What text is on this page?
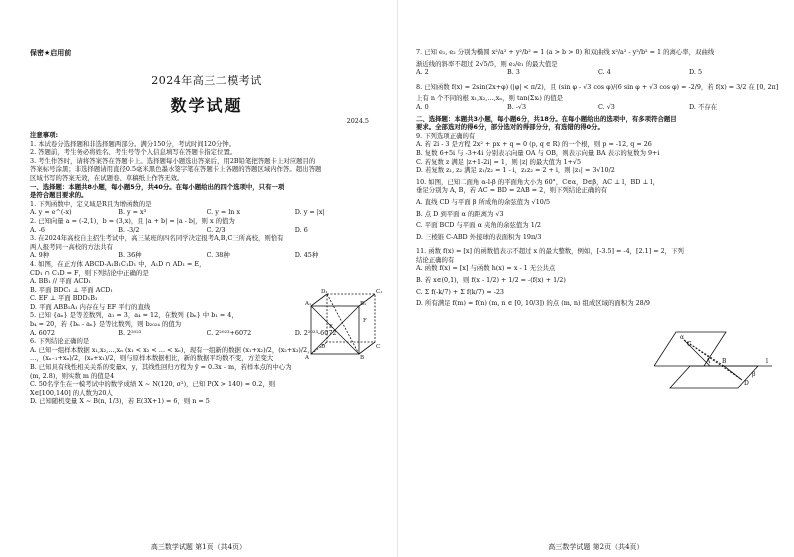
保密★启用前
2024年高三二模考试
数学试题
2024.5
注意事项:
1. 本试卷分选择题和非选择题两部分。满分150分，考试时间120分钟。
2. 答题前，考生务必将姓名、考生号等个人信息填写在答题卡指定位置。
3. 考生作答时，请将答案答在答题卡上。选择题每小题选出答案后，用2B铅笔把答题卡上对应题目的
答案标号涂黑；非选择题请用直径0.5毫米黑色墨水签字笔在答题卡上各题的答题区域内作答。超出答题
区域书写的答案无效，在试题卷、草稿纸上作答无效。
一、选择题：本题共8小题，每小题5分，共40分。在每小题给出的四个选项中，只有一项
是符合题目要求的。
1. 下列函数中，定义域是R且为增函数的是
A. y = e^(-x)	B. y = x³	C. y = ln x	D. y = |x|
2. 已知向量 a = (-2,1)，b = (3,x)，且 |a + b| = |a - b|，则 x 的值为
A. -6	B. -3/2	C. 2/3	D. 6
3. 在2024年高校自主招生考试中，高三某班的四名同学决定报考A,B,C三所高校，则恰有
两人报考同一高校的方法共有
A. 9种	B. 36种	C. 38种	D. 45种
4. 如图，在正方体 ABCD-A₁B₁C₁D₁ 中，A₁D ∩ AD₁ = E，
CD₁ ∩ C₁D = F，则下列结论中正确的是
A. BB₁ // 平面 ACD₁
B. 平面 BDC₁ ⊥ 平面 ACD₁
C. EF ⊥ 平面 BDD₁B₁
D. 平面 ABB₁A₁ 内存在与 EF 平行的直线
5. 已知 {aₙ} 是等差数列，a₁ = 3，a₄ = 12，在数列 {bₙ} 中 b₁ = 4，
b₄ = 20，若 {bₙ - aₙ} 是等比数列，则 b₂₀₂₄ 的值为
A. 6072	B. 2²⁰²³	C. 2²⁰²³+6072	D. 2²⁰²³-6072
6. 下列结论正确的是
A. 已知一组样本数据 x₁,x₂,…,xₙ (x₁ < x₂ < … < xₙ)，现有一组新的数据 (x₁+x₂)/2，(x₂+x₃)/2，
…，(xₙ₋₁+xₙ)/2，(xₙ+x₁)/2，则与原样本数据相比，新的数据平均数不变，方差变大
B. 已知具有线性相关关系的变量x，y，其线性回归方程为 ŷ = 0.3x - m，若样本点的中心为
(m, 2.8)，则实数 m 的值是4
C. 50名学生在一模考试中的数学成绩 X ~ N(120, σ²)，已知 P(X > 140) = 0.2，则
X∈[100,140] 的人数为20人
D. 已知随机变量 X ~ B(n, 1/3)，若 E(3X+1) = 6，则 n = 5
D₁	C₁
A₁	B₁
E
F
D	C
A	B
高三数学试题 第1页（共4页）
7. 已知 e₁, e₂ 分别为椭圆 x²/a² + y²/b² = 1 (a > b > 0) 和双曲线 x²/a² - y²/b² = 1 的离心率，双曲线
渐近线的斜率不超过 2√5/5，则 e₂/e₁ 的最大值是
A. 2	B. 3	C. 4	D. 5
8. 已知函数 f(x) = 2sin(2x+φ) (|φ| < π/2)，且 (sin φ - √3 cos φ)/(6 sin φ + √3 cos φ) = -2/9，若 f(x) = 3/2 在 [0, 2π]
上有 n 个不同的根 x₁,x₂,…,xₙ，则 tan(Σxᵢ) 的值是
A. 0	B. -√3	C. √3	D. 不存在
二、选择题：本题共3小题，每小题6分，共18分。在每小题给出的选项中，有多项符合题目
要求。全部选对的得6分，部分选对的得部分分，有选错的得0分。
9. 下列选项正确的有
A. 若 2i - 3 是方程 2x² + px + q = 0 (p, q ∈ R) 的一个根，则 p = -12, q = 26
B. 复数 6+5i 与 -3+4i 分别表示向量 OA 与 OB，则表示向量 BA 表示的复数为 9+i
C. 若复数 z 满足 |z+1-2i| = 1，则 |z| 的最大值为 1+√5
D. 若复数 z₁, z₂ 满足 z₁/z₂ = 1 - i，z₁z₂ = 2 + i，则 |z₁| = 3√10/2
10. 如图，已知二面角 α-l-β 的平面角大小为 60°，C∈α，D∈β，AC ⊥ l，BD ⊥ l，
垂足分别为 A, B，若 AC = BD = 2AB = 2，则下列结论正确的有
A. 直线 CD 与平面 β 所成角的余弦值为 √10/5
B. 点 D 到平面 α 的距离为 √3
C. 平面 BCD 与平面 α 夹角的余弦值为 1/2
D. 三棱锥 C-ABD 外接球的表面积为 19π/3
11. 函数 f(x) = [x] 的函数值表示不超过 x 的最大整数，例如，[-3.5] = -4，[2.1] = 2，下列
结论正确的有
A. 函数 f(x) = [x] 与函数 h(x) = x - 1 无公共点
B. 若 x∈(0,1)，则 f(x - 1/2) + 1/2 = -(f(x) + 1/2)
C. Σ f(-k/7) + Σ f(k/7) = -23
D. 所有满足 f(m) = f(n) (m, n ∈ [0, 10/3]) 的点 (m, n) 组成区域的面积为 28/9
α
β
C
A B
D
l
高三数学试题 第2页（共4页）
